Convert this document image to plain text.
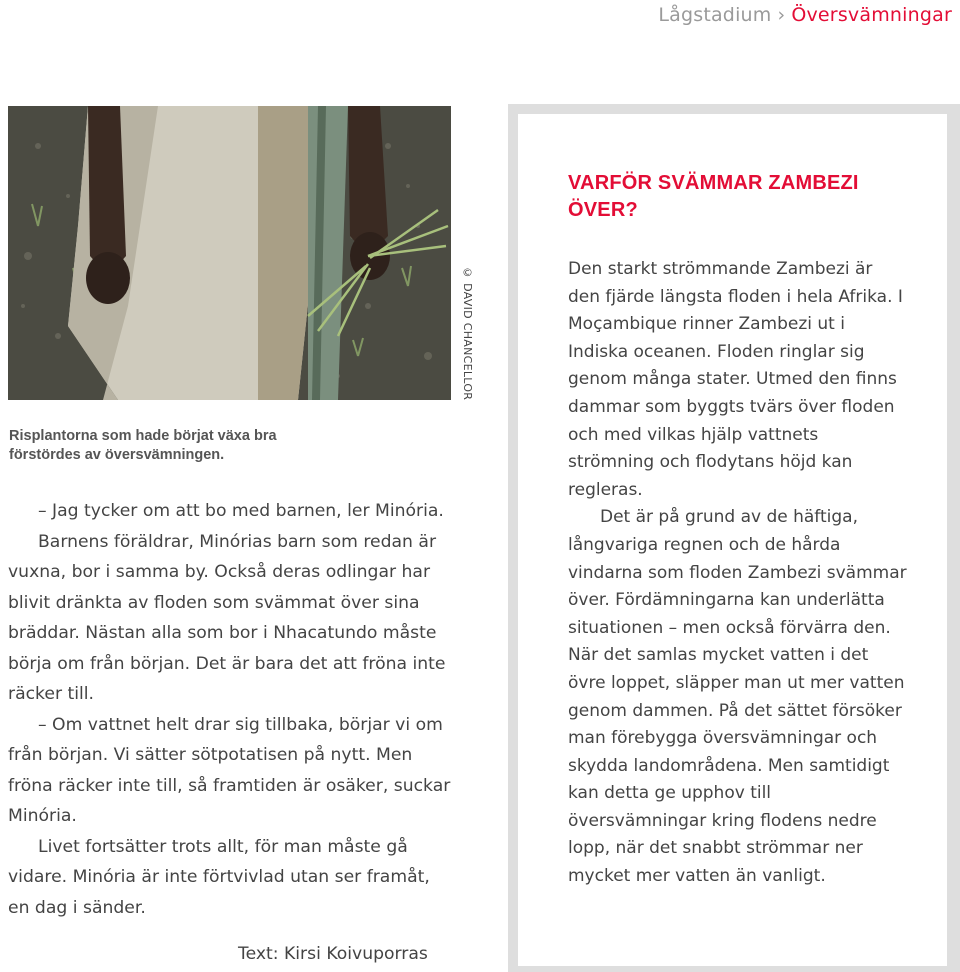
Lågstadium › Översvämningar
© DAVID CHANCELLOR
Risplantorna som hade börjat växa bra förstördes av översvämningen.

– Jag tycker om att bo med barnen, ler Minória.

Barnens föräldrar, Minórias barn som redan är vuxna, bor i samma by. Också deras odlingar har blivit dränkta av floden som svämmat över sina bräddar. Nästan alla som bor i Nhacatundo måste börja om från början. Det är bara det att fröna inte räcker till.

– Om vattnet helt drar sig tillbaka, börjar vi om från början. Vi sätter sötpotatisen på nytt. Men fröna räcker inte till, så framtiden är osäker, suckar Minória.

Livet fortsätter trots allt, för man måste gå vidare. Minória är inte förtvivlad utan ser framåt, en dag i sänder.

Text: Kirsi Koivuporras
VARFÖR SVÄMMAR ZAMBEZI ÖVER?

Den starkt strömmande Zambezi är den fjärde längsta floden i hela Afrika. I Moçambique rinner Zambezi ut i Indiska oceanen. Floden ringlar sig genom många stater. Utmed den finns dammar som byggts tvärs över floden och med vilkas hjälp vattnets strömning och flodytans höjd kan regleras.

Det är på grund av de häftiga, långvariga regnen och de hårda vindarna som floden Zambezi svämmar över. Fördämningarna kan underlätta situationen – men också förvärra den. När det samlas mycket vatten i det övre loppet, släpper man ut mer vatten genom dammen. På det sättet försöker man förebygga översvämningar och skydda landområdena. Men samtidigt kan detta ge upphov till översvämningar kring flodens nedre lopp, när det snabbt strömmar ner mycket mer vatten än vanligt.
